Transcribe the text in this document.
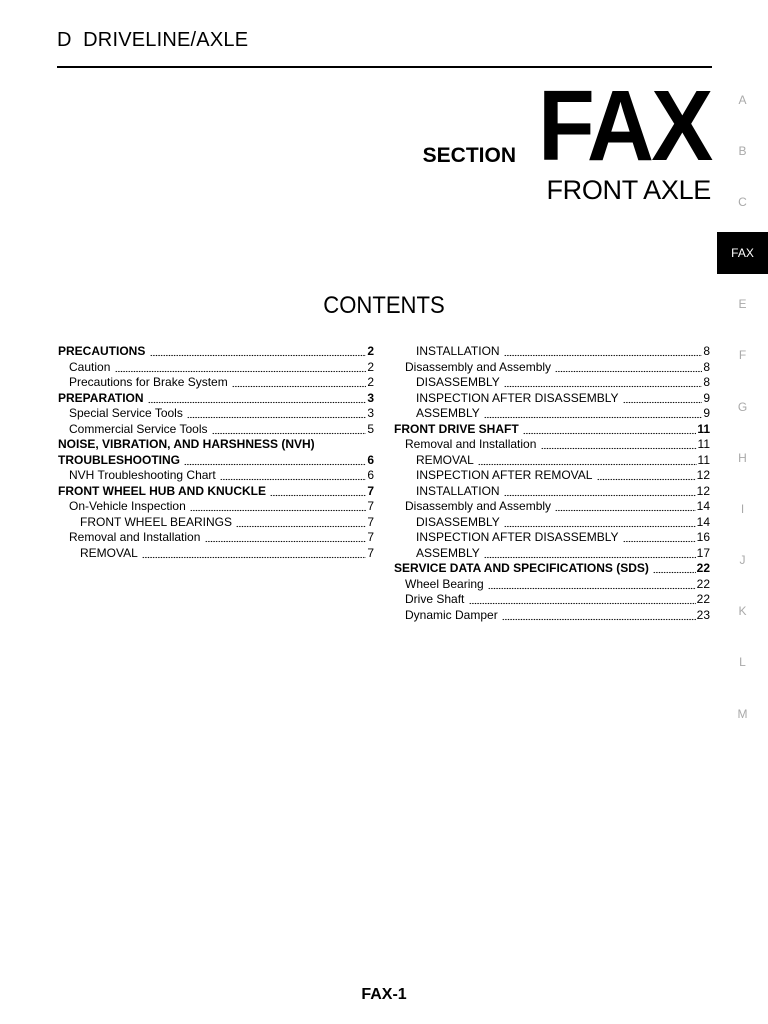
D  DRIVELINE/AXLE
SECTION FAX
FRONT AXLE
A
B
C
FAX
E
F
G
H
I
J
K
L
M
CONTENTS
PRECAUTIONS	2
Caution	2
Precautions for Brake System	2
PREPARATION	3
Special Service Tools	3
Commercial Service Tools	5
NOISE, VIBRATION, AND HARSHNESS (NVH)
TROUBLESHOOTING	6
NVH Troubleshooting Chart	6
FRONT WHEEL HUB AND KNUCKLE	7
On-Vehicle Inspection	7
FRONT WHEEL BEARINGS	7
Removal and Installation	7
REMOVAL	7
INSTALLATION	8
Disassembly and Assembly	8
DISASSEMBLY	8
INSPECTION AFTER DISASSEMBLY	9
ASSEMBLY	9
FRONT DRIVE SHAFT	11
Removal and Installation	11
REMOVAL	11
INSPECTION AFTER REMOVAL	12
INSTALLATION	12
Disassembly and Assembly	14
DISASSEMBLY	14
INSPECTION AFTER DISASSEMBLY	16
ASSEMBLY	17
SERVICE DATA AND SPECIFICATIONS (SDS)	22
Wheel Bearing	22
Drive Shaft	22
Dynamic Damper	23
FAX-1
